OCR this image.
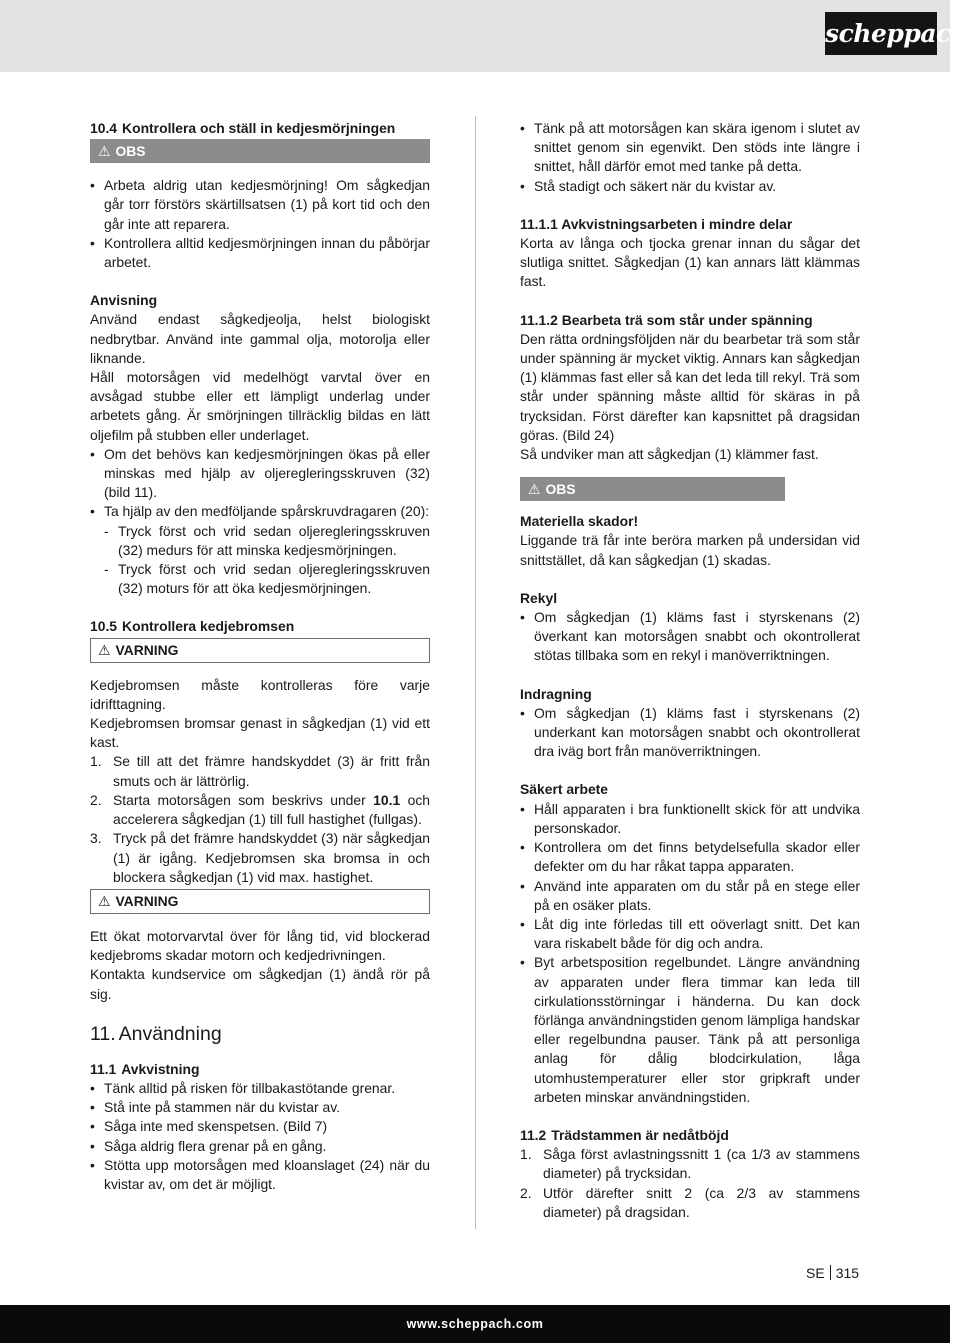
scheppach
10.4 Kontrollera och ställ in kedjesmörjningen
⚠ OBS
• Arbeta aldrig utan kedjesmörjning! Om sågkedjan går torr förstörs skärtillsatsen (1) på kort tid och den går inte att reparera.
• Kontrollera alltid kedjesmörjningen innan du påbörjar arbetet.
Anvisning

Använd endast sågkedjeolja, helst biologiskt nedbrytbar. Använd inte gammal olja, motorolja eller liknande.

Håll motorsågen vid medelhögt varvtal över en avsågad stubbe eller ett lämpligt underlag under arbetets gång. Är smörjningen tillräcklig bildas en lätt oljefilm på stubben eller underlaget.

• Om det behövs kan kedjesmörjningen ökas på eller minskas med hjälp av oljeregleringsskruven (32) (bild 11).
• Ta hjälp av den medföljande spårskruvdragaren (20):
- Tryck först och vrid sedan oljeregleringsskruven (32) medurs för att minska kedjesmörjningen.
- Tryck först och vrid sedan oljeregleringsskruven (32) moturs för att öka kedjesmörjningen.
10.5 Kontrollera kedjebromsen
⚠ VARNING

Kedjebromsen måste kontrolleras före varje idrifttagning.

Kedjebromsen bromsar genast in sågkedjan (1) vid ett kast.

1. Se till att det främre handskyddet (3) är fritt från smuts och är lättrörlig.
2. Starta motorsågen som beskrivs under 10.1 och accelerera sågkedjan (1) till full hastighet (fullgas).
3. Tryck på det främre handskyddet (3) när sågkedjan (1) är igång. Kedjebromsen ska bromsa in och blockera sågkedjan (1) vid max. hastighet.
⚠ VARNING

Ett ökat motorvarvtal över för lång tid, vid blockerad kedjebroms skadar motorn och kedjedrivningen.

Kontakta kundservice om sågkedjan (1) ändå rör på sig.

11. Användning
11.1 Avkvistning
• Tänk alltid på risken för tillbakastötande grenar.
• Stå inte på stammen när du kvistar av.
• Såga inte med skenspetsen. (Bild 7)
• Såga aldrig flera grenar på en gång.
• Stötta upp motorsågen med kloanslaget (24) när du kvistar av, om det är möjligt.
• Tänk på att motorsågen kan skära igenom i slutet av snittet genom sin egenvikt. Den stöds inte längre i snittet, håll därför emot med tanke på detta.
• Stå stadigt och säkert när du kvistar av.
11.1.1 Avkvistningsarbeten i mindre delar

Korta av långa och tjocka grenar innan du sågar det slutliga snittet. Sågkedjan (1) kan annars lätt klämmas fast.

11.1.2 Bearbeta trä som står under spänning

Den rätta ordningsföljden när du bearbetar trä som står under spänning är mycket viktig. Annars kan sågkedjan (1) klämmas fast eller så kan det leda till rekyl. Trä som står under spänning måste alltid för skäras in på trycksidan. Först därefter kan kapsnittet på dragsidan göras. (Bild 24)

Så undviker man att sågkedjan (1) klämmer fast.

⚠ OBS
Materiella skador!

Liggande trä får inte beröra marken på undersidan vid snittstället, då kan sågkedjan (1) skadas.

Rekyl
• Om sågkedjan (1) kläms fast i styrskenans (2) överkant kan motorsågen snabbt och okontrollerat stötas tillbaka som en rekyl i manöverriktningen.
Indragning
• Om sågkedjan (1) kläms fast i styrskenans (2) underkant kan motorsågen snabbt och okontrollerat dra iväg bort från manöverriktningen.
Säkert arbete
• Håll apparaten i bra funktionellt skick för att undvika personskador.
• Kontrollera om det finns betydelsefulla skador eller defekter om du har råkat tappa apparaten.
• Använd inte apparaten om du står på en stege eller på en osäker plats.
• Låt dig inte förledas till ett oöverlagt snitt. Det kan vara riskabelt både för dig och andra.
• Byt arbetsposition regelbundet. Längre användning av apparaten under flera timmar kan leda till cirkulationsstörningar i händerna. Du kan dock förlänga användningstiden genom lämpliga handskar eller regelbundna pauser. Tänk på att personliga anlag för dålig blodcirkulation, låga utomhustemperaturer eller stor gripkraft under arbeten minskar användningstiden.
11.2 Trädstammen är nedåtböjd
1. Såga först avlastningssnitt 1 (ca 1/3 av stammens diameter) på trycksidan.
2. Utför därefter snitt 2 (ca 2/3 av stammens diameter) på dragsidan.
SE 315
www.scheppach.com
